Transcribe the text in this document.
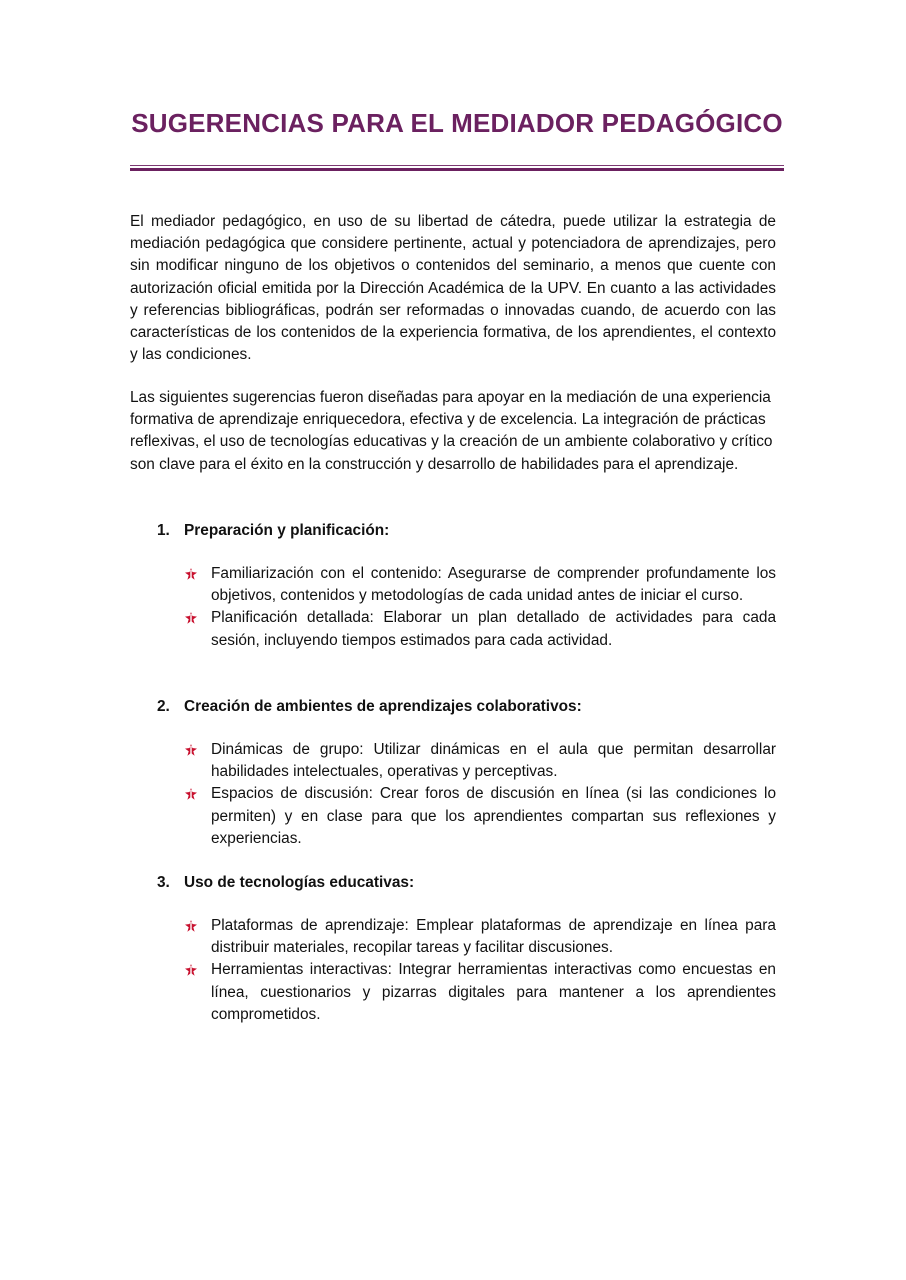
SUGERENCIAS PARA EL MEDIADOR PEDAGÓGICO
El mediador pedagógico, en uso de su libertad de cátedra, puede utilizar la estrategia de mediación pedagógica que considere pertinente, actual y potenciadora de aprendizajes, pero sin modificar ninguno de los objetivos o contenidos del seminario, a menos que cuente con autorización oficial emitida por la Dirección Académica de la UPV. En cuanto a las actividades y referencias bibliográficas, podrán ser reformadas o innovadas cuando, de acuerdo con las características de los contenidos de la experiencia formativa, de los aprendientes, el contexto y las condiciones.
Las siguientes sugerencias fueron diseñadas para apoyar en la mediación de una experiencia formativa de aprendizaje enriquecedora, efectiva y de excelencia. La integración de prácticas reflexivas, el uso de tecnologías educativas y la creación de un ambiente colaborativo y crítico son clave para el éxito en la construcción y desarrollo de habilidades para el aprendizaje.
1. Preparación y planificación:
Familiarización con el contenido: Asegurarse de comprender profundamente los objetivos, contenidos y metodologías de cada unidad antes de iniciar el curso.
Planificación detallada: Elaborar un plan detallado de actividades para cada sesión, incluyendo tiempos estimados para cada actividad.
2. Creación de ambientes de aprendizajes colaborativos:
Dinámicas de grupo: Utilizar dinámicas en el aula que permitan desarrollar habilidades intelectuales, operativas y perceptivas.
Espacios de discusión: Crear foros de discusión en línea (si las condiciones lo permiten) y en clase para que los aprendientes compartan sus reflexiones y experiencias.
3. Uso de tecnologías educativas:
Plataformas de aprendizaje: Emplear plataformas de aprendizaje en línea para distribuir materiales, recopilar tareas y facilitar discusiones.
Herramientas interactivas: Integrar herramientas interactivas como encuestas en línea, cuestionarios y pizarras digitales para mantener a los aprendientes comprometidos.
